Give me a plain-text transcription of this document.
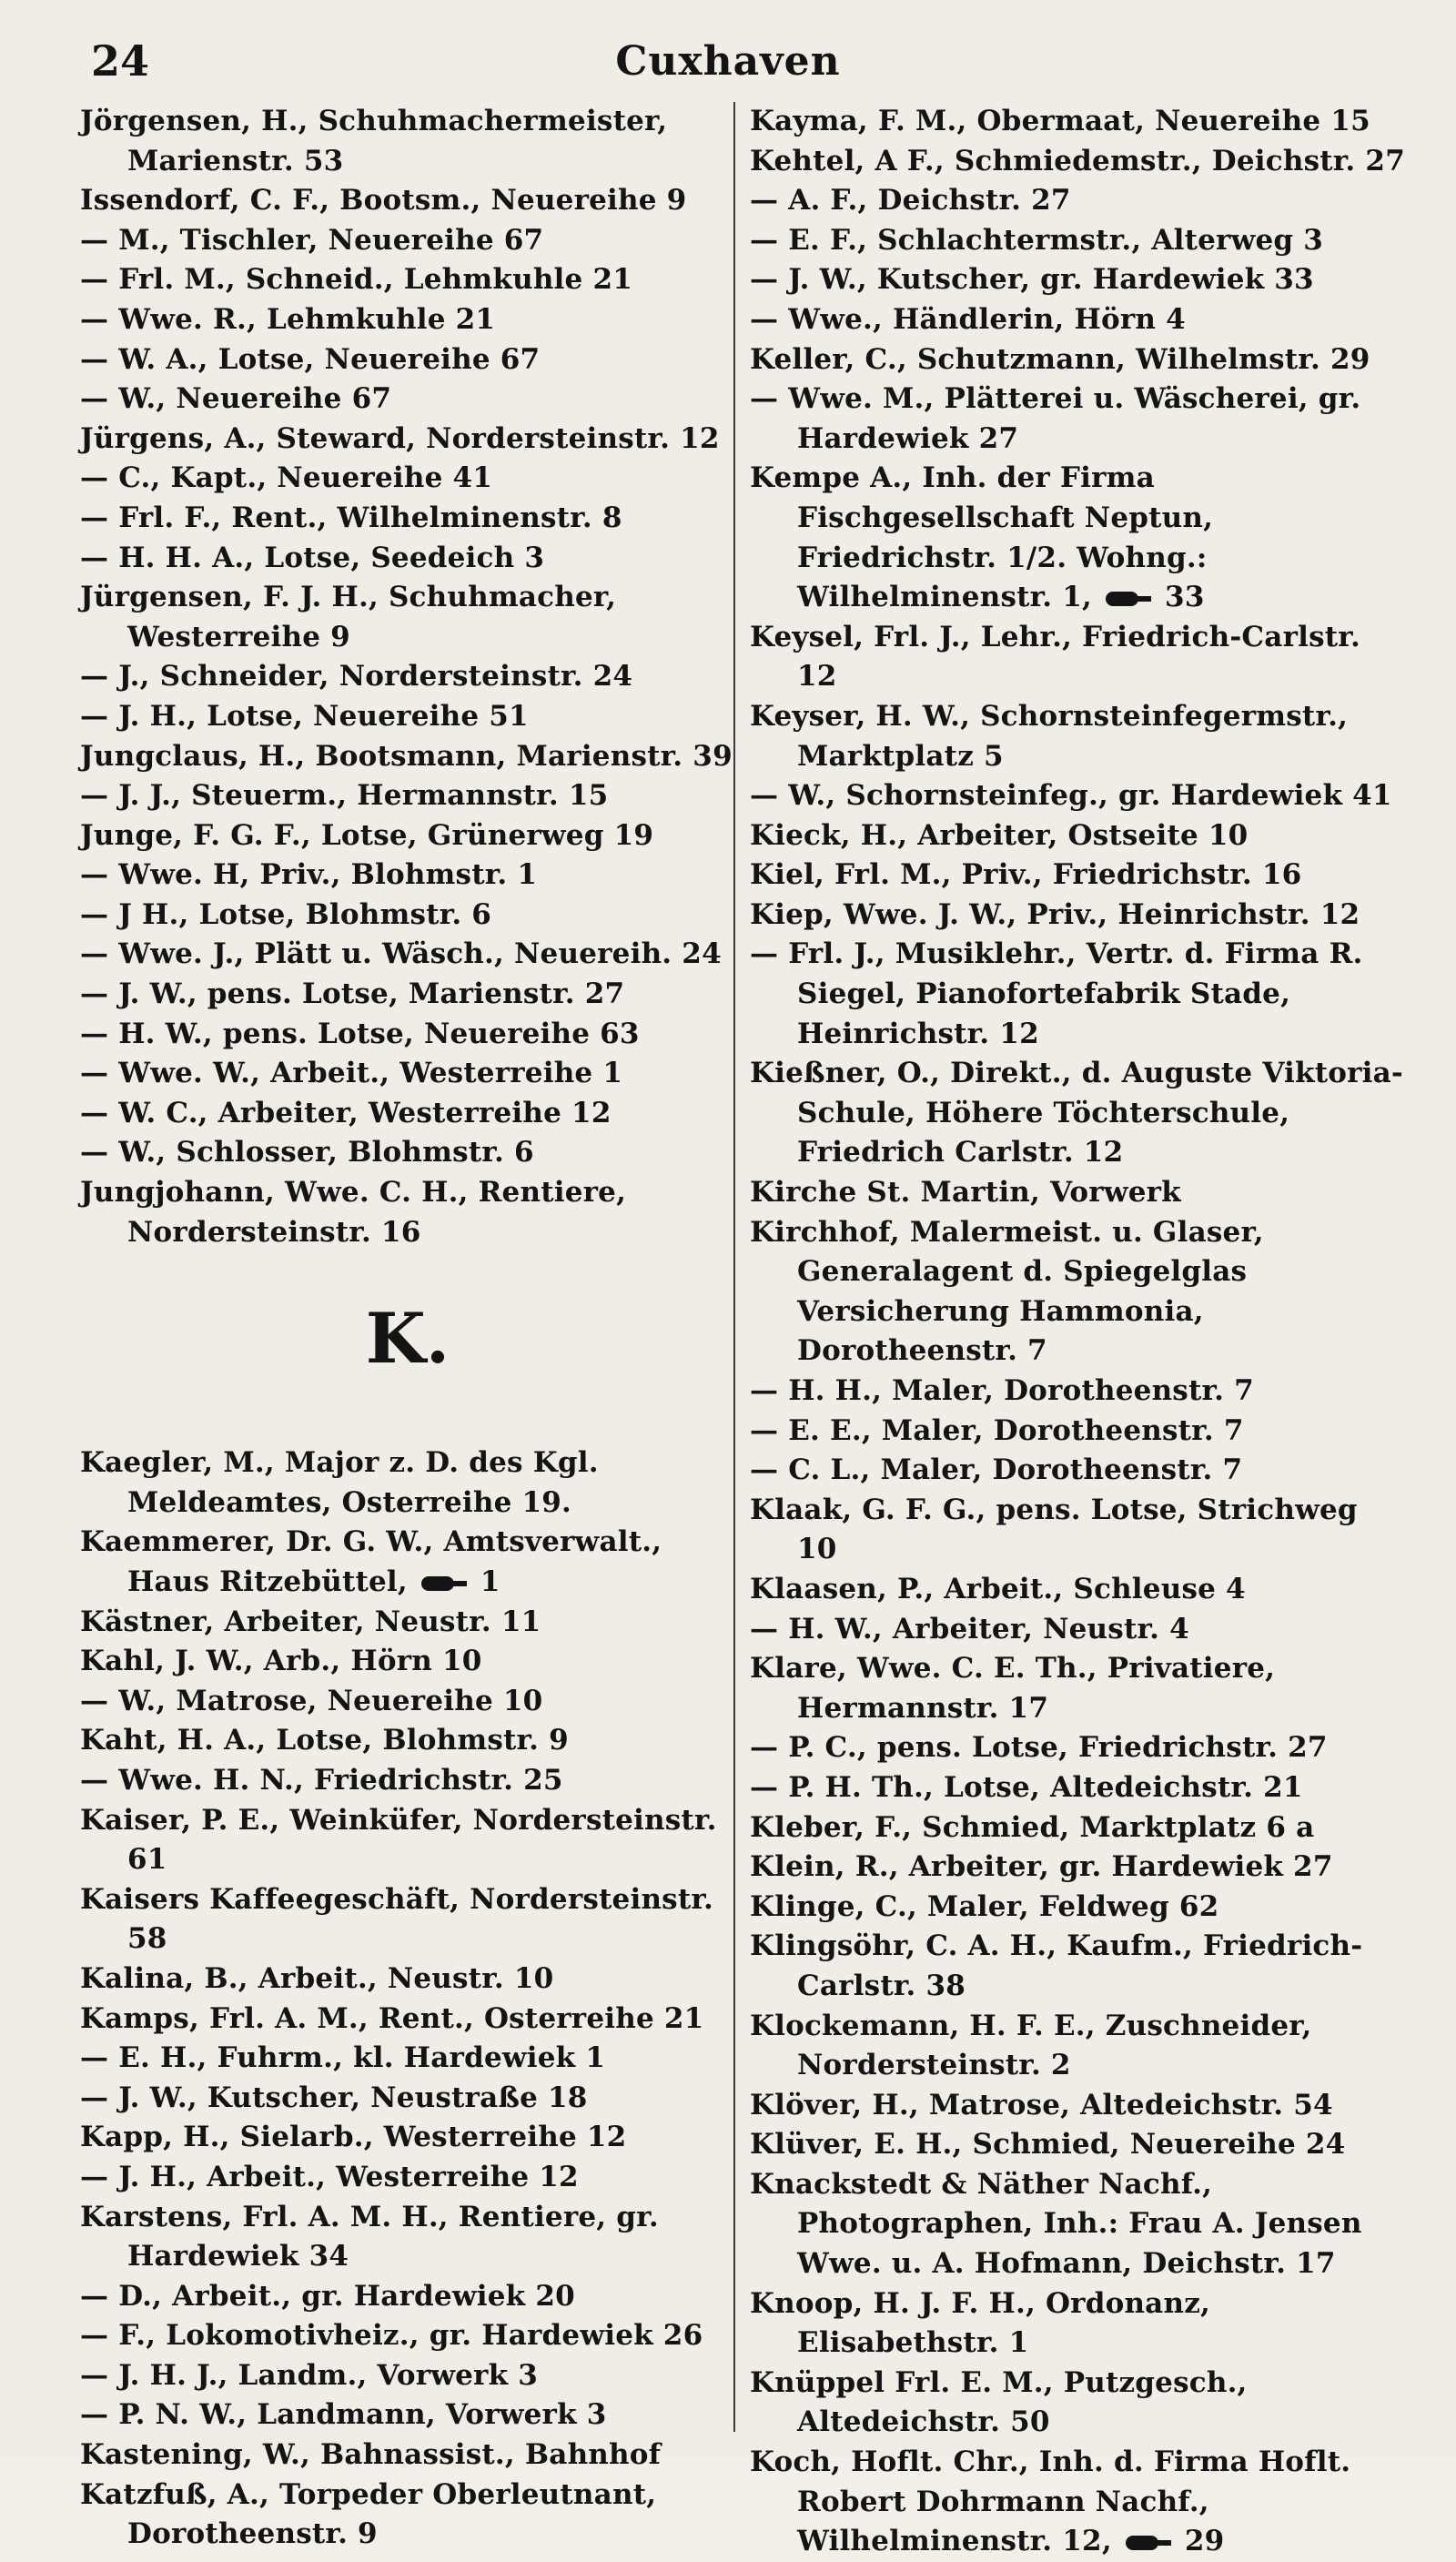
24	Cuxhaven
Jörgensen, H., Schuhmachermeister, Marienstr. 53
Issendorf, C. F., Bootsm., Neuereihe 9
— M., Tischler, Neuereihe 67
— Frl. M., Schneid., Lehmkuhle 21
— Wwe. R., Lehmkuhle 21
— W. A., Lotse, Neuereihe 67
— W., Neuereihe 67
Jürgens, A., Steward, Nordersteinstr. 12
— C., Kapt., Neuereihe 41
— Frl. F., Rent., Wilhelminenstr. 8
— H. H. A., Lotse, Seedeich 3
Jürgensen, F. J. H., Schuhmacher, Westerreihe 9
— J., Schneider, Nordersteinstr. 24
— J. H., Lotse, Neuereihe 51
Jungclaus, H., Bootsmann, Marienstr. 39
— J. J., Steuerm., Hermannstr. 15
Junge, F. G. F., Lotse, Grünerweg 19
— Wwe. H, Priv., Blohmstr. 1
— J H., Lotse, Blohmstr. 6
— Wwe. J., Plätt u. Wäsch., Neuereih. 24
— J. W., pens. Lotse, Marienstr. 27
— H. W., pens. Lotse, Neuereihe 63
— Wwe. W., Arbeit., Westerreihe 1
— W. C., Arbeiter, Westerreihe 12
— W., Schlosser, Blohmstr. 6
Jungjohann, Wwe. C. H., Rentiere, Nordersteinstr. 16
K.
Kaegler, M., Major z. D. des Kgl. Meldeamtes, Osterreihe 19.
Kaemmerer, Dr. G. W., Amtsverwalt., Haus Ritzebüttel,	1
Kästner, Arbeiter, Neustr. 11
Kahl, J. W., Arb., Hörn 10
— W., Matrose, Neuereihe 10
Kaht, H. A., Lotse, Blohmstr. 9
— Wwe. H. N., Friedrichstr. 25
Kaiser, P. E., Weinküfer, Nordersteinstr. 61
Kaisers Kaffeegeschäft, Nordersteinstr. 58
Kalina, B., Arbeit., Neustr. 10
Kamps, Frl. A. M., Rent., Osterreihe 21
— E. H., Fuhrm., kl. Hardewiek 1
— J. W., Kutscher, Neustraße 18
Kapp, H., Sielarb., Westerreihe 12
— J. H., Arbeit., Westerreihe 12
Karstens, Frl. A. M. H., Rentiere, gr. Hardewiek 34
— D., Arbeit., gr. Hardewiek 20
— F., Lokomotivheiz., gr. Hardewiek 26
— J. H. J., Landm., Vorwerk 3
— P. N. W., Landmann, Vorwerk 3
Kastening, W., Bahnassist., Bahnhof
Katzfuß, A., Torpeder Oberleutnant, Dorotheenstr. 9
Kayma, F. M., Obermaat, Neuereihe 15
Kehtel, A F., Schmiedemstr., Deichstr. 27
— A. F., Deichstr. 27
— E. F., Schlachtermstr., Alterweg 3
— J. W., Kutscher, gr. Hardewiek 33
— Wwe., Händlerin, Hörn 4
Keller, C., Schutzmann, Wilhelmstr. 29
— Wwe. M., Plätterei u. Wäscherei, gr. Hardewiek 27
Kempe A., Inh. der Firma Fischgesellschaft Neptun, Friedrichstr. 1/2. Wohng.: Wilhelminenstr. 1,	33
Keysel, Frl. J., Lehr., Friedrich-Carlstr. 12
Keyser, H. W., Schornsteinfegermstr., Marktplatz 5
— W., Schornsteinfeg., gr. Hardewiek 41
Kieck, H., Arbeiter, Ostseite 10
Kiel, Frl. M., Priv., Friedrichstr. 16
Kiep, Wwe. J. W., Priv., Heinrichstr. 12
— Frl. J., Musiklehr., Vertr. d. Firma R. Siegel, Pianofortefabrik Stade, Heinrichstr. 12
Kießner, O., Direkt., d. Auguste Viktoria-Schule, Höhere Töchterschule, Friedrich Carlstr. 12
Kirche St. Martin, Vorwerk
Kirchhof, Malermeist. u. Glaser, Generalagent d. Spiegelglas Versicherung Hammonia, Dorotheenstr. 7
— H. H., Maler, Dorotheenstr. 7
— E. E., Maler, Dorotheenstr. 7
— C. L., Maler, Dorotheenstr. 7
Klaak, G. F. G., pens. Lotse, Strichweg 10
Klaasen, P., Arbeit., Schleuse 4
— H. W., Arbeiter, Neustr. 4
Klare, Wwe. C. E. Th., Privatiere, Hermannstr. 17
— P. C., pens. Lotse, Friedrichstr. 27
— P. H. Th., Lotse, Altedeichstr. 21
Kleber, F., Schmied, Marktplatz 6 a
Klein, R., Arbeiter, gr. Hardewiek 27
Klinge, C., Maler, Feldweg 62
Klingsöhr, C. A. H., Kaufm., Friedrich-Carlstr. 38
Klockemann, H. F. E., Zuschneider, Nordersteinstr. 2
Klöver, H., Matrose, Altedeichstr. 54
Klüver, E. H., Schmied, Neuereihe 24
Knackstedt & Näther Nachf., Photographen, Inh.: Frau A. Jensen Wwe. u. A. Hofmann, Deichstr. 17
Knoop, H. J. F. H., Ordonanz, Elisabethstr. 1
Knüppel Frl. E. M., Putzgesch., Altedeichstr. 50
Koch, Hoflt. Chr., Inh. d. Firma Hoflt. Robert Dohrmann Nachf., Wilhelminenstr. 12,	29
